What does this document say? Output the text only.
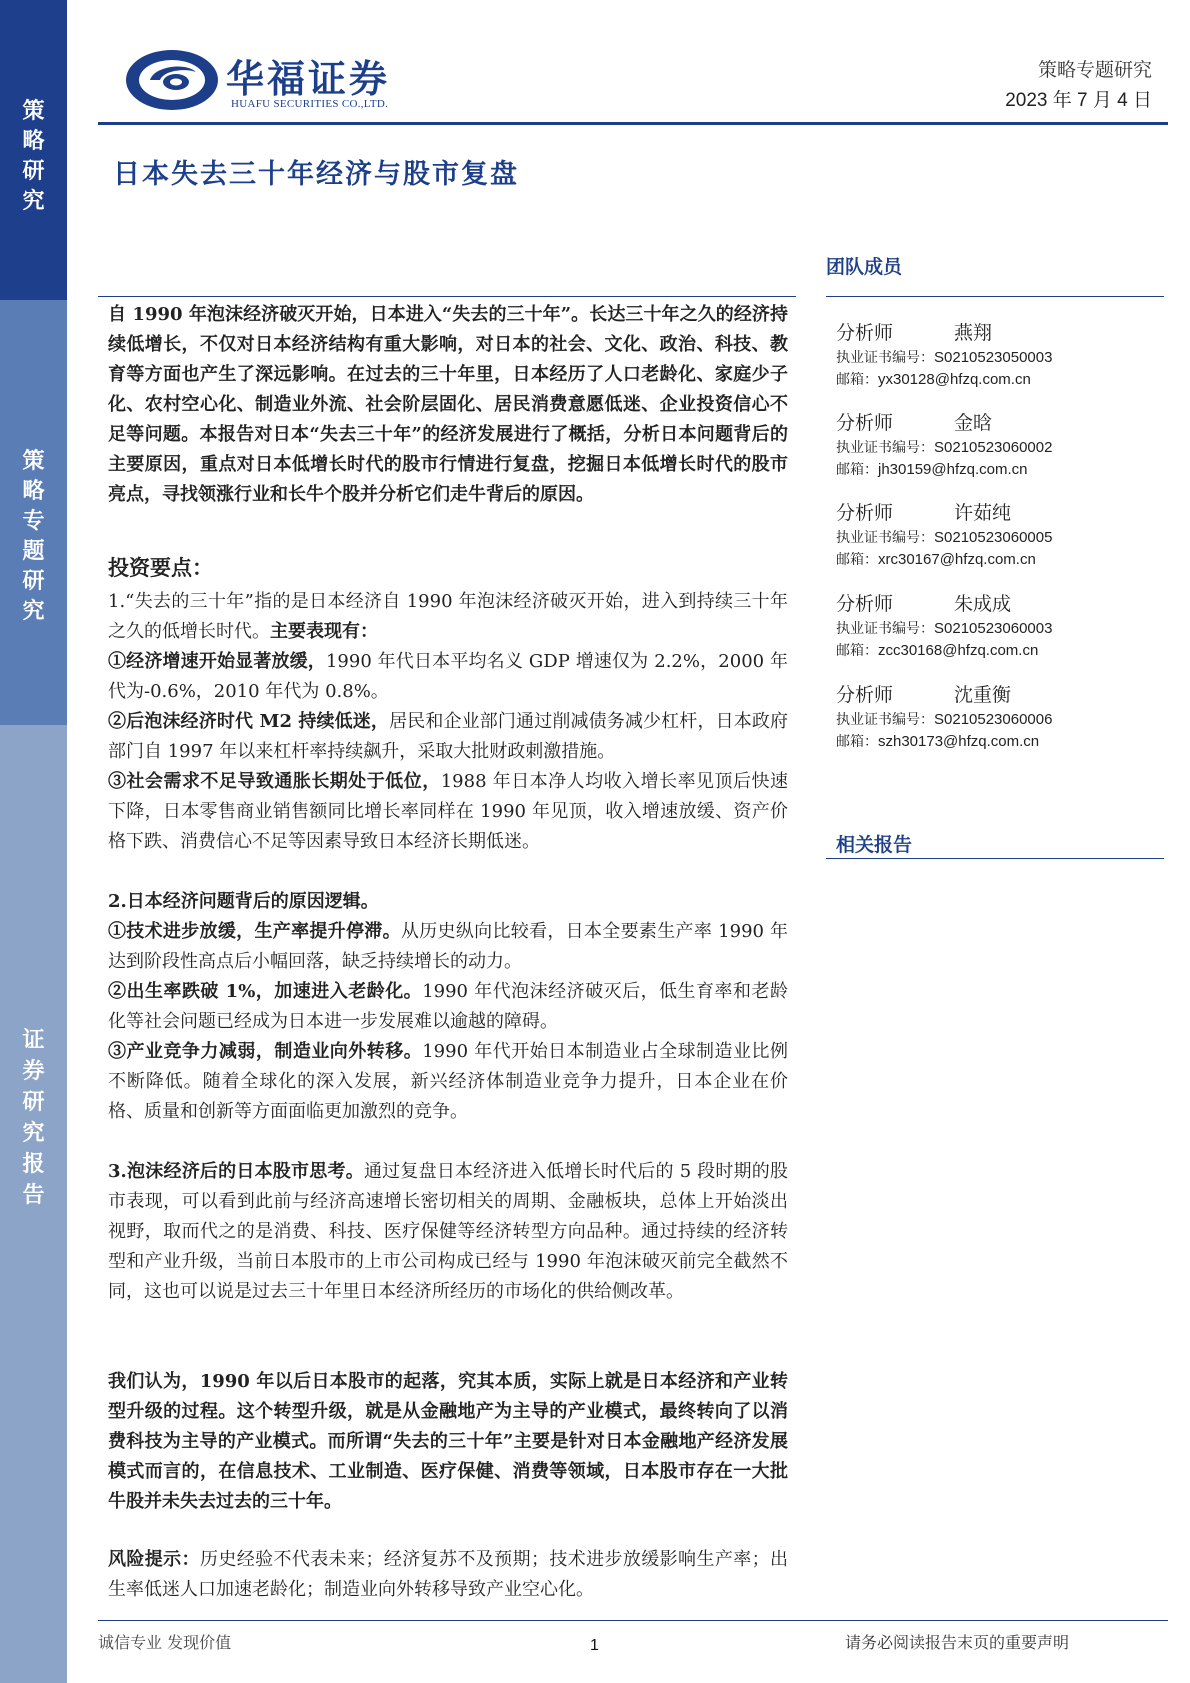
策
略
研
究
策
略
专
题
研
究
证
券
研
究
报
告
华福证券
HUAFU SECURITIES CO.,LTD.
策略专题研究
2023 年 7 月 4 日
日本失去三十年经济与股市复盘

自 1990 年泡沫经济破灭开始，日本进入“失去的三十年”。长达三十年之久的经济持续低增长，不仅对日本经济结构有重大影响，对日本的社会、文化、政治、科技、教育等方面也产生了深远影响。在过去的三十年里，日本经历了人口老龄化、家庭少子化、农村空心化、制造业外流、社会阶层固化、居民消费意愿低迷、企业投资信心不足等问题。本报告对日本“失去三十年”的经济发展进行了概括，分析日本问题背后的主要原因，重点对日本低增长时代的股市行情进行复盘，挖掘日本低增长时代的股市亮点，寻找领涨行业和长牛个股并分析它们走牛背后的原因。

投资要点：

1.“失去的三十年”指的是日本经济自 1990 年泡沫经济破灭开始，进入到持续三十年之久的低增长时代。主要表现有：

①经济增速开始显著放缓，1990 年代日本平均名义 GDP 增速仅为 2.2%，2000 年代为-0.6%，2010 年代为 0.8%。

②后泡沫经济时代 M2 持续低迷，居民和企业部门通过削减债务减少杠杆，日本政府部门自 1997 年以来杠杆率持续飙升，采取大批财政刺激措施。

③社会需求不足导致通胀长期处于低位，1988 年日本净人均收入增长率见顶后快速下降，日本零售商业销售额同比增长率同样在 1990 年见顶，收入增速放缓、资产价格下跌、消费信心不足等因素导致日本经济长期低迷。

2.日本经济问题背后的原因逻辑。

①技术进步放缓，生产率提升停滞。从历史纵向比较看，日本全要素生产率 1990 年达到阶段性高点后小幅回落，缺乏持续增长的动力。

②出生率跌破 1%，加速进入老龄化。1990 年代泡沫经济破灭后，低生育率和老龄化等社会问题已经成为日本进一步发展难以逾越的障碍。

③产业竞争力减弱，制造业向外转移。1990 年代开始日本制造业占全球制造业比例不断降低。随着全球化的深入发展，新兴经济体制造业竞争力提升，日本企业在价格、质量和创新等方面面临更加激烈的竞争。

3.泡沫经济后的日本股市思考。通过复盘日本经济进入低增长时代后的 5 段时期的股市表现，可以看到此前与经济高速增长密切相关的周期、金融板块，总体上开始淡出视野，取而代之的是消费、科技、医疗保健等经济转型方向品种。通过持续的经济转型和产业升级，当前日本股市的上市公司构成已经与 1990 年泡沫破灭前完全截然不同，这也可以说是过去三十年里日本经济所经历的市场化的供给侧改革。

我们认为，1990 年以后日本股市的起落，究其本质，实际上就是日本经济和产业转型升级的过程。这个转型升级，就是从金融地产为主导的产业模式，最终转向了以消费科技为主导的产业模式。而所谓“失去的三十年”主要是针对日本金融地产经济发展模式而言的，在信息技术、工业制造、医疗保健、消费等领域，日本股市存在一大批牛股并未失去过去的三十年。

风险提示：历史经验不代表未来；经济复苏不及预期；技术进步放缓影响生产率；出生率低迷人口加速老龄化；制造业向外转移导致产业空心化。

团队成员
分析师	燕翔
执业证书编号：S0210523050003
邮箱：yx30128@hfzq.com.cn
分析师	金晗
执业证书编号：S0210523060002
邮箱：jh30159@hfzq.com.cn
分析师	许茹纯
执业证书编号：S0210523060005
邮箱：xrc30167@hfzq.com.cn
分析师	朱成成
执业证书编号：S0210523060003
邮箱：zcc30168@hfzq.com.cn
分析师	沈重衡
执业证书编号：S0210523060006
邮箱：szh30173@hfzq.com.cn
相关报告
诚信专业 发现价值	1	请务必阅读报告末页的重要声明
